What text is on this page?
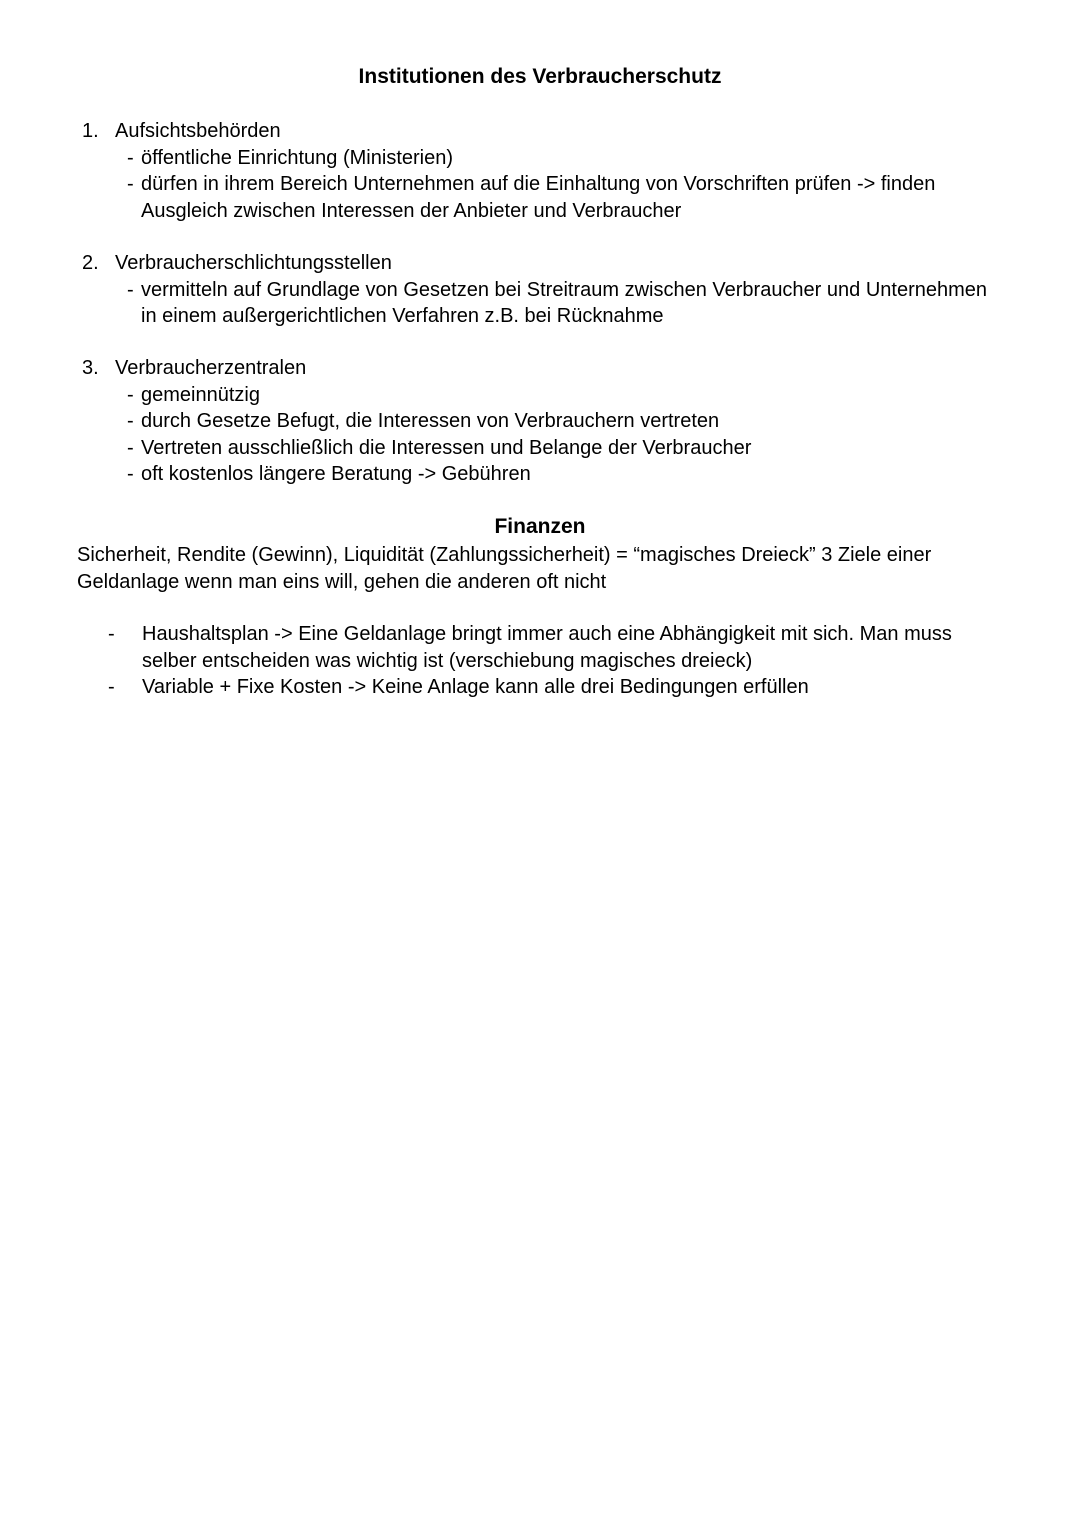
Institutionen des Verbraucherschutz
1. Aufsichtsbehörden
- öffentliche Einrichtung (Ministerien)
- dürfen in ihrem Bereich Unternehmen auf die Einhaltung von Vorschriften prüfen -> finden Ausgleich zwischen Interessen der Anbieter und Verbraucher
2. Verbraucherschlichtungsstellen
- vermitteln auf Grundlage von Gesetzen bei Streitraum zwischen Verbraucher und Unternehmen in einem außergerichtlichen Verfahren z.B. bei Rücknahme
3. Verbraucherzentralen
- gemeinnützig
- durch Gesetze Befugt, die Interessen von Verbrauchern vertreten
- Vertreten ausschließlich die Interessen und Belange der Verbraucher
- oft kostenlos längere Beratung -> Gebühren
Finanzen
Sicherheit, Rendite (Gewinn), Liquidität (Zahlungssicherheit) = “magisches Dreieck” 3 Ziele einer Geldanlage wenn man eins will, gehen die anderen oft nicht
-	Haushaltsplan -> Eine Geldanlage bringt immer auch eine Abhängigkeit mit sich. Man muss selber entscheiden was wichtig ist (verschiebung magisches dreieck)
-	Variable + Fixe Kosten -> Keine Anlage kann alle drei Bedingungen erfüllen
